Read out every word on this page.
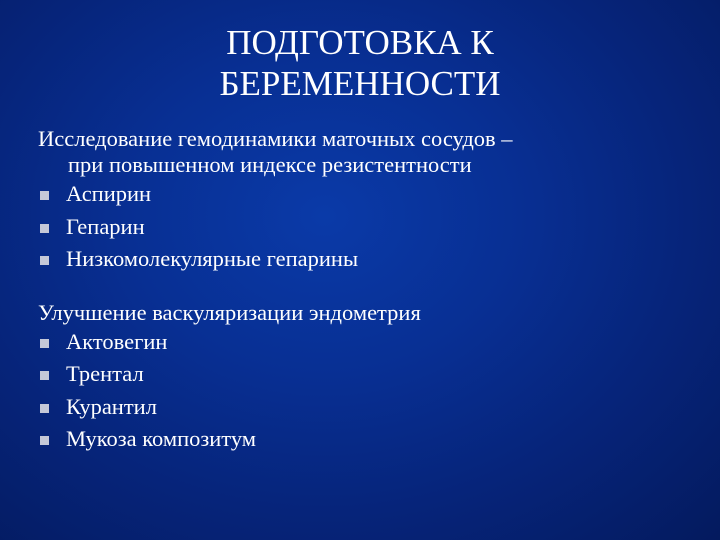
ПОДГОТОВКА К
БЕРЕМЕННОСТИ
Исследование гемодинамики маточных сосудов –
при повышенном индексе резистентности
Аспирин
Гепарин
Низкомолекулярные гепарины
Улучшение васкуляризации эндометрия
Актовегин
Трентал
Курантил
Мукоза композитум
